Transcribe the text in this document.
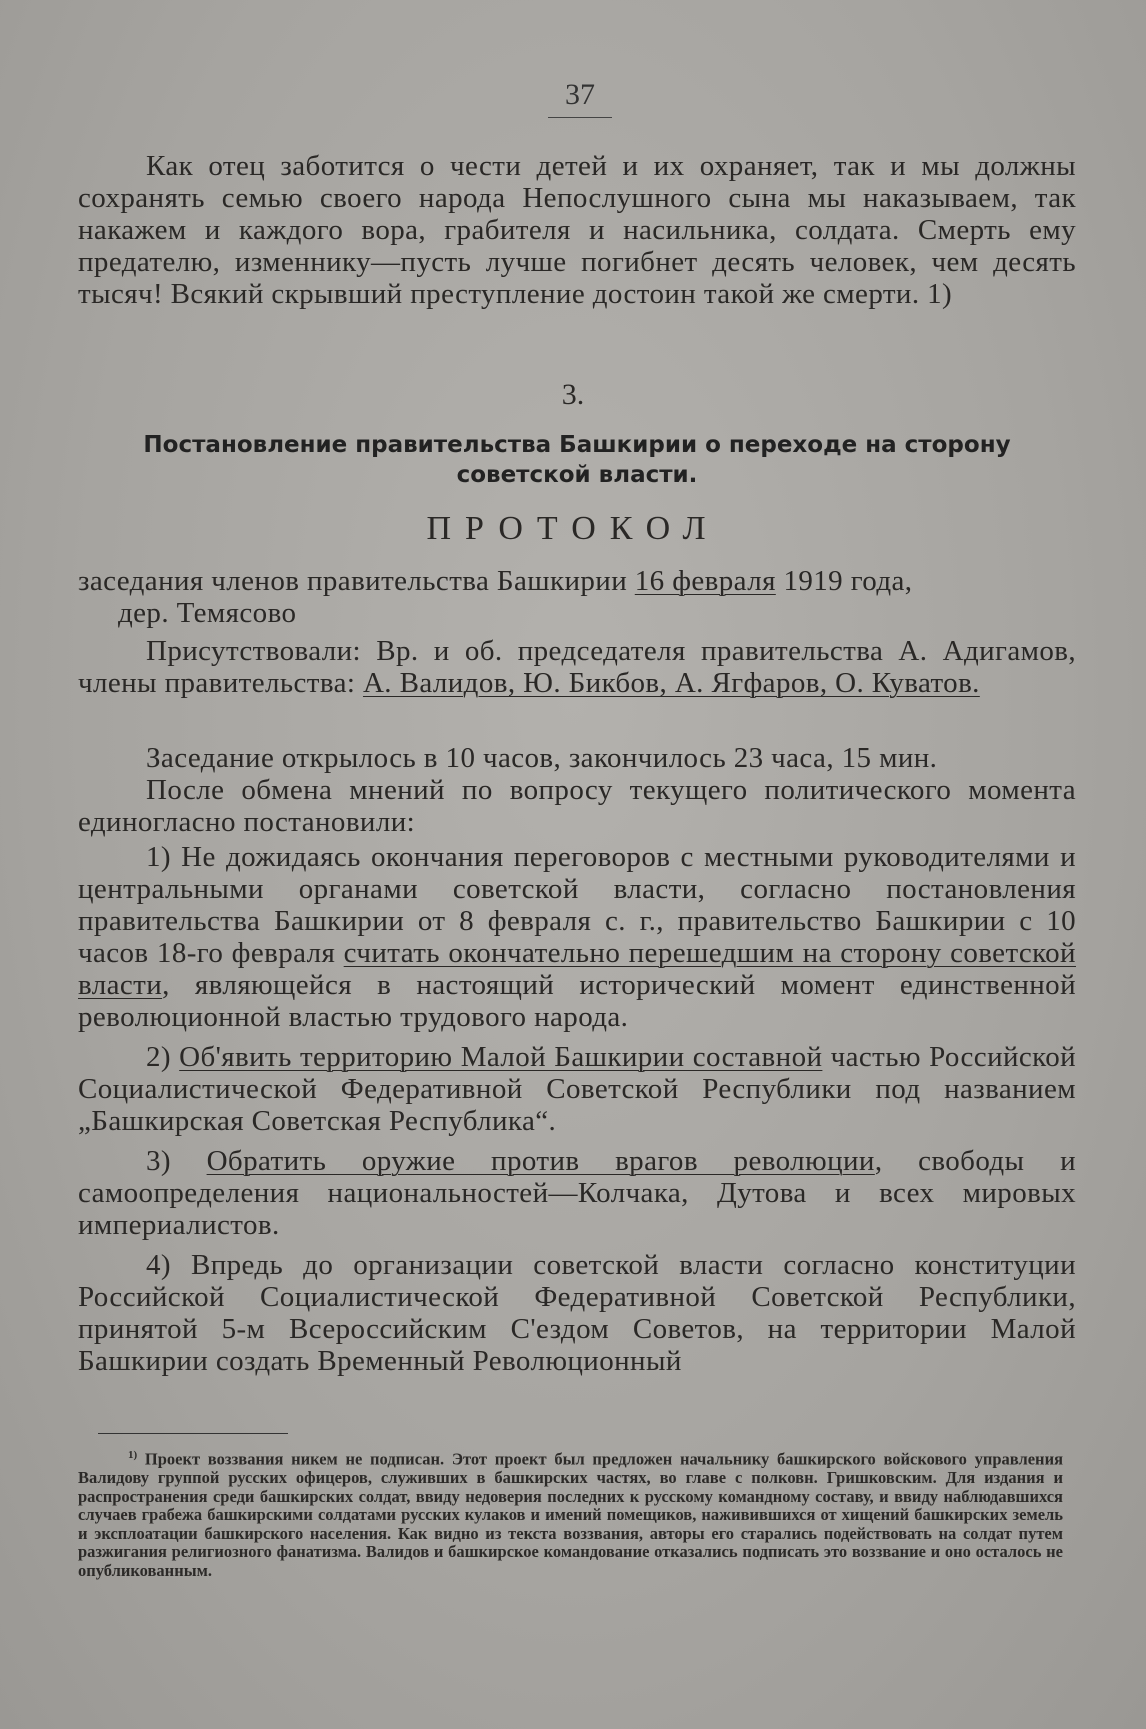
37

Как отец заботится о чести детей и их охраняет, так и мы должны сохранять семью своего народа Непослушного сына мы наказываем, так накажем и каждого вора, грабителя и насильника, солдата. Смерть ему предателю, изменнику—пусть лучше погибнет десять человек, чем десять тысяч! Всякий скрывший преступление достоин такой же смерти. 1)

3.
Постановление правительства Башкирии о переходе на сторону советской власти.
ПРОТОКОЛ

заседания членов правительства Башкирии 16 февраля 1919 года,

дер. Темясово

Присутствовали: Вр. и об. председателя правительства А. Адигамов, члены правительства: А. Валидов, Ю. Бикбов, А. Ягфаров, О. Куватов.

Заседание открылось в 10 часов, закончилось 23 часа, 15 мин.

После обмена мнений по вопросу текущего политического момента единогласно постановили:

1) Не дожидаясь окончания переговоров с местными руководителями и центральными органами советской власти, согласно постановления правительства Башкирии от 8 февраля с. г., правительство Башкирии с 10 часов 18-го февраля считать окончательно перешедшим на сторону советской власти, являющейся в настоящий исторический момент единственной революционной властью трудового народа.

2) Об'явить территорию Малой Башкирии составной частью Российской Социалистической Федеративной Советской Республики под названием „Башкирская Советская Республика“.

3) Обратить оружие против врагов революции, свободы и самоопределения национальностей—Колчака, Дутова и всех мировых империалистов.

4) Впредь до организации советской власти согласно конституции Российской Социалистической Федеративной Советской Республики, принятой 5-м Всероссийским С'ездом Советов, на территории Малой Башкирии создать Временный Революционный

$^{1)}$ Проект воззвания никем не подписан. Этот проект был предложен начальнику башкирского войскового управления Валидову группой русских офицеров, служивших в башкирских частях, во главе с полковн. Гришковским. Для издания и распространения среди башкирских солдат, ввиду недоверия последних к русскому командному составу, и ввиду наблюдавшихся случаев грабежа башкирскими солдатами русских кулаков и имений помещиков, наживившихся от хищений башкирских земель и эксплоатации башкирского населения. Как видно из текста воззвания, авторы его старались подействовать на солдат путем разжигания религиозного фанатизма. Валидов и башкирское командование отказались подписать это воззвание и оно осталось не опубликованным.
